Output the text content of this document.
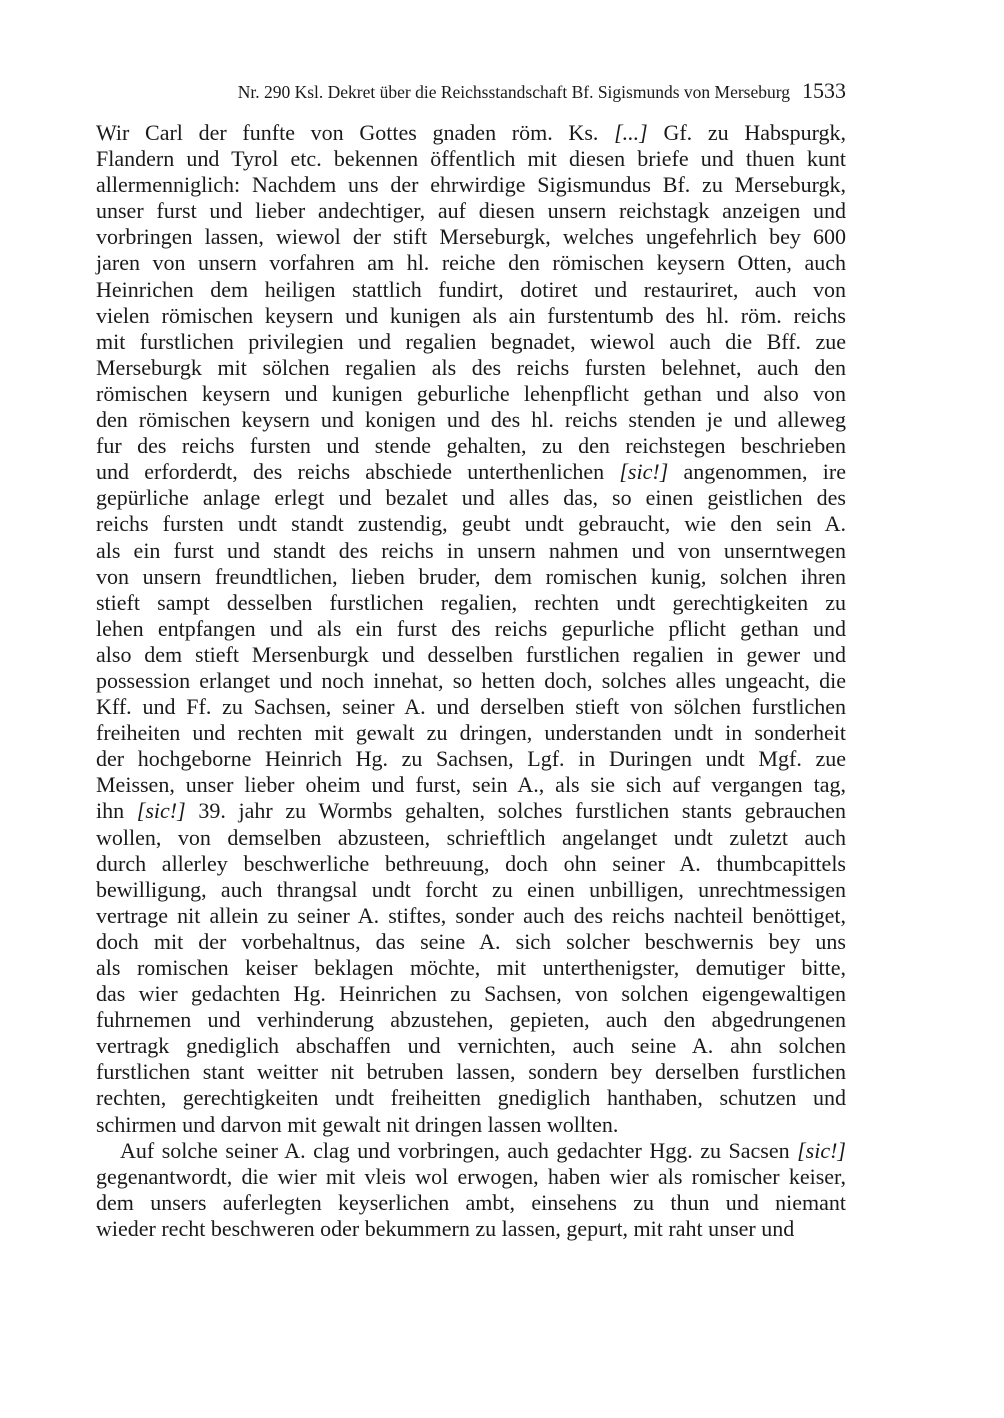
Nr. 290 Ksl. Dekret über die Reichsstandschaft Bf. Sigismunds von Merseburg 1533
Wir Carl der funfte von Gottes gnaden röm. Ks. [...] Gf. zu Habspurgk,
Flandern und Tyrol etc. bekennen öffentlich mit diesen briefe und thuen kunt
allermenniglich: Nachdem uns der ehrwirdige Sigismundus Bf. zu Merseburgk,
unser furst und lieber andechtiger, auf diesen unsern reichstagk anzeigen und
vorbringen lassen, wiewol der stift Merseburgk, welches ungefehrlich bey 600
jaren von unsern vorfahren am hl. reiche den römischen keysern Otten, auch
Heinrichen dem heiligen stattlich fundirt, dotiret und restauriret, auch von
vielen römischen keysern und kunigen als ain furstentumb des hl. röm. reichs
mit furstlichen privilegien und regalien begnadet, wiewol auch die Bff. zue
Merseburgk mit sölchen regalien als des reichs fursten belehnet, auch den
römischen keysern und kunigen geburliche lehenpflicht gethan und also von
den römischen keysern und konigen und des hl. reichs stenden je und alleweg
fur des reichs fursten und stende gehalten, zu den reichstegen beschrieben
und erforderdt, des reichs abschiede unterthenlichen [sic!] angenommen, ire
gepürliche anlage erlegt und bezalet und alles das, so einen geistlichen des
reichs fursten undt standt zustendig, geubt undt gebraucht, wie den sein A.
als ein furst und standt des reichs in unsern nahmen und von unserntwegen
von unsern freundtlichen, lieben bruder, dem romischen kunig, solchen ihren
stieft sampt desselben furstlichen regalien, rechten undt gerechtigkeiten zu
lehen entpfangen und als ein furst des reichs gepurliche pflicht gethan und
also dem stieft Mersenburgk und desselben furstlichen regalien in gewer und
possession erlanget und noch innehat, so hetten doch, solches alles ungeacht, die
Kff. und Ff. zu Sachsen, seiner A. und derselben stieft von sölchen furstlichen
freiheiten und rechten mit gewalt zu dringen, understanden undt in sonderheit
der hochgeborne Heinrich Hg. zu Sachsen, Lgf. in Duringen undt Mgf. zue
Meissen, unser lieber oheim und furst, sein A., als sie sich auf vergangen tag,
ihn [sic!] 39. jahr zu Wormbs gehalten, solches furstlichen stants gebrauchen
wollen, von demselben abzusteen, schrieftlich angelanget undt zuletzt auch
durch allerley beschwerliche bethreuung, doch ohn seiner A. thumbcapittels
bewilligung, auch thrangsal undt forcht zu einen unbilligen, unrechtmessigen
vertrage nit allein zu seiner A. stiftes, sonder auch des reichs nachteil benöttiget,
doch mit der vorbehaltnus, das seine A. sich solcher beschwernis bey uns
als romischen keiser beklagen möchte, mit unterthenigster, demutiger bitte,
das wier gedachten Hg. Heinrichen zu Sachsen, von solchen eigengewaltigen
fuhrnemen und verhinderung abzustehen, gepieten, auch den abgedrungenen
vertragk gnediglich abschaffen und vernichten, auch seine A. ahn solchen
furstlichen stant weitter nit betruben lassen, sondern bey derselben furstlichen
rechten, gerechtigkeiten undt freiheitten gnediglich hanthaben, schutzen und
schirmen und darvon mit gewalt nit dringen lassen wollten.
Auf solche seiner A. clag und vorbringen, auch gedachter Hgg. zu Sacsen [sic!]
gegenantwordt, die wier mit vleis wol erwogen, haben wier als romischer keiser,
dem unsers auferlegten keyserlichen ambt, einsehens zu thun und niemant
wieder recht beschweren oder bekummern zu lassen, gepurt, mit raht unser und
